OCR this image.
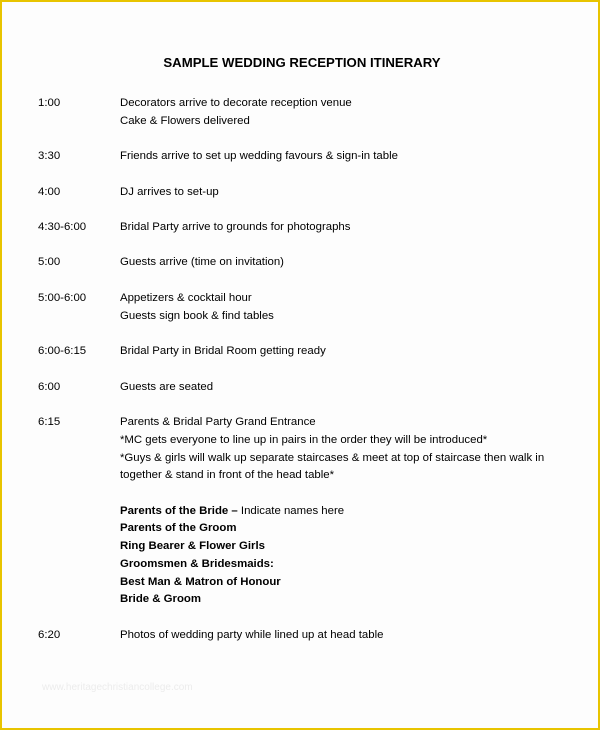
SAMPLE WEDDING RECEPTION ITINERARY
1:00	Decorators arrive to decorate reception venue
Cake & Flowers delivered
3:30	Friends arrive to set up wedding favours & sign-in table
4:00	DJ arrives to set-up
4:30-6:00	Bridal Party arrive to grounds for photographs
5:00	Guests arrive (time on invitation)
5:00-6:00	Appetizers & cocktail hour
Guests sign book & find tables
6:00-6:15	Bridal Party in Bridal Room getting ready
6:00	Guests are seated
6:15	Parents & Bridal Party Grand Entrance
*MC gets everyone to line up in pairs in the order they will be introduced*
*Guys & girls will walk up separate staircases & meet at top of staircase then walk in
together & stand in front of the head table*
Parents of the Bride – Indicate names here
Parents of the Groom
Ring Bearer & Flower Girls
Groomsmen & Bridesmaids:
Best Man & Matron of Honour
Bride & Groom
6:20	Photos of wedding party while lined up at head table
www.heritagechristiancollege.com
